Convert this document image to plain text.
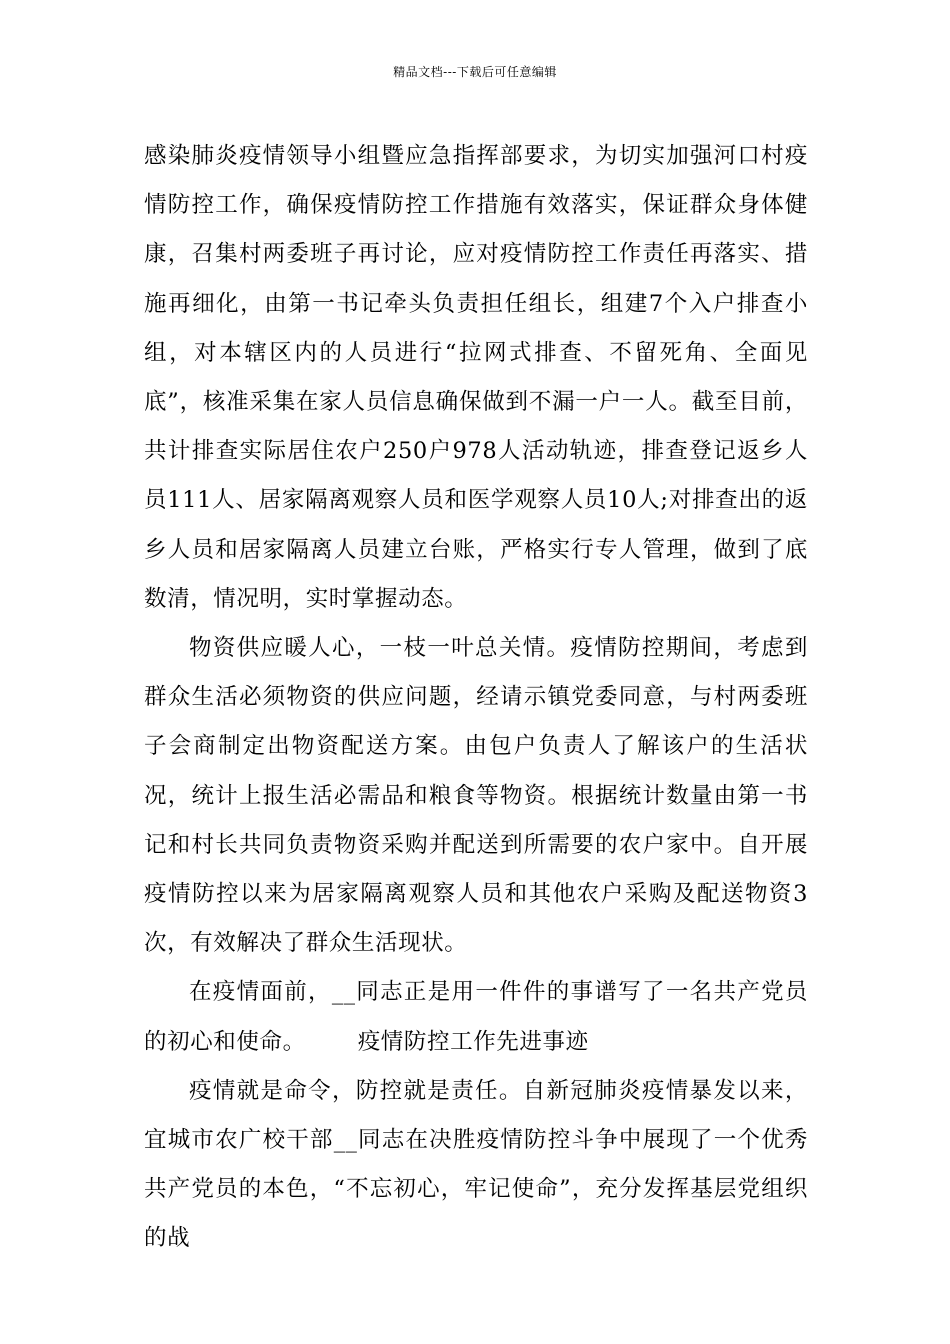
精品文档---下载后可任意编辑

感染肺炎疫情领导小组暨应急指挥部要求，为切实加强河口村疫情防控工作，确保疫情防控工作措施有效落实，保证群众身体健康，召集村两委班子再讨论，应对疫情防控工作责任再落实、措施再细化，由第一书记牵头负责担任组长，组建7个入户排查小组，对本辖区内的人员进行“拉网式排查、不留死角、全面见底”，核准采集在家人员信息确保做到不漏一户一人。截至目前，共计排查实际居住农户250户978人活动轨迹，排查登记返乡人员111人、居家隔离观察人员和医学观察人员10人;对排查出的返乡人员和居家隔离人员建立台账，严格实行专人管理，做到了底数清，情况明，实时掌握动态。

物资供应暖人心，一枝一叶总关情。疫情防控期间，考虑到群众生活必须物资的供应问题，经请示镇党委同意，与村两委班子会商制定出物资配送方案。由包户负责人了解该户的生活状况，统计上报生活必需品和粮食等物资。根据统计数量由第一书记和村长共同负责物资采购并配送到所需要的农户家中。自开展疫情防控以来为居家隔离观察人员和其他农户采购及配送物资3次，有效解决了群众生活现状。

在疫情面前，__同志正是用一件件的事谱写了一名共产党员的初心和使命。 疫情防控工作先进事迹

疫情就是命令，防控就是责任。自新冠肺炎疫情暴发以来，宜城市农广校干部__同志在决胜疫情防控斗争中展现了一个优秀共产党员的本色，“不忘初心，牢记使命”，充分发挥基层党组织的战
